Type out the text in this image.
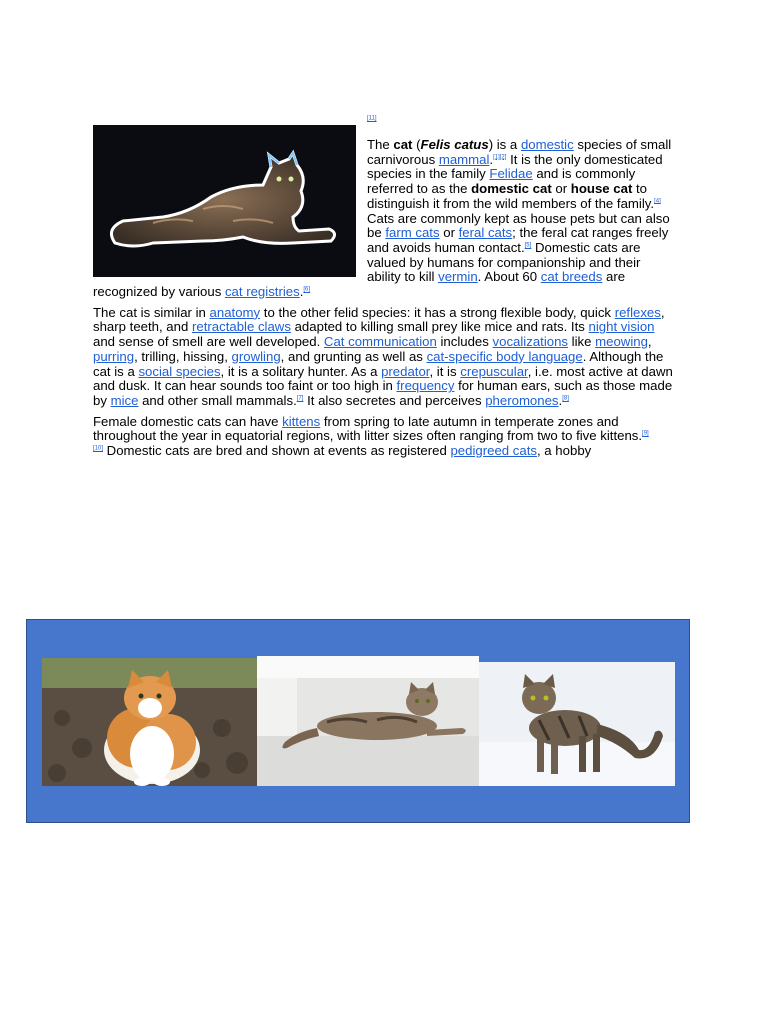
[11]

The cat (Felis catus) is a domestic species of small carnivorous mammal.[1][2] It is the only domesticated species in the family Felidae and is commonly referred to as the domestic cat or house cat to distinguish it from the wild members of the family.[4] Cats are commonly kept as house pets but can also be farm cats or feral cats; the feral cat ranges freely and avoids human contact.[5] Domestic cats are valued by humans for companionship and their ability to kill vermin. About 60 cat breeds are recognized by various cat registries.[6]

The cat is similar in anatomy to the other felid species: it has a strong flexible body, quick reflexes, sharp teeth, and retractable claws adapted to killing small prey like mice and rats. Its night vision and sense of smell are well developed. Cat communication includes vocalizations like meowing, purring, trilling, hissing, growling, and grunting as well as cat-specific body language. Although the cat is a social species, it is a solitary hunter. As a predator, it is crepuscular, i.e. most active at dawn and dusk. It can hear sounds too faint or too high in frequency for human ears, such as those made by mice and other small mammals.[7] It also secretes and perceives pheromones.[8]

Female domestic cats can have kittens from spring to late autumn in temperate zones and throughout the year in equatorial regions, with litter sizes often ranging from two to five kittens.[9]
[10] Domestic cats are bred and shown at events as registered pedigreed cats, a hobby
